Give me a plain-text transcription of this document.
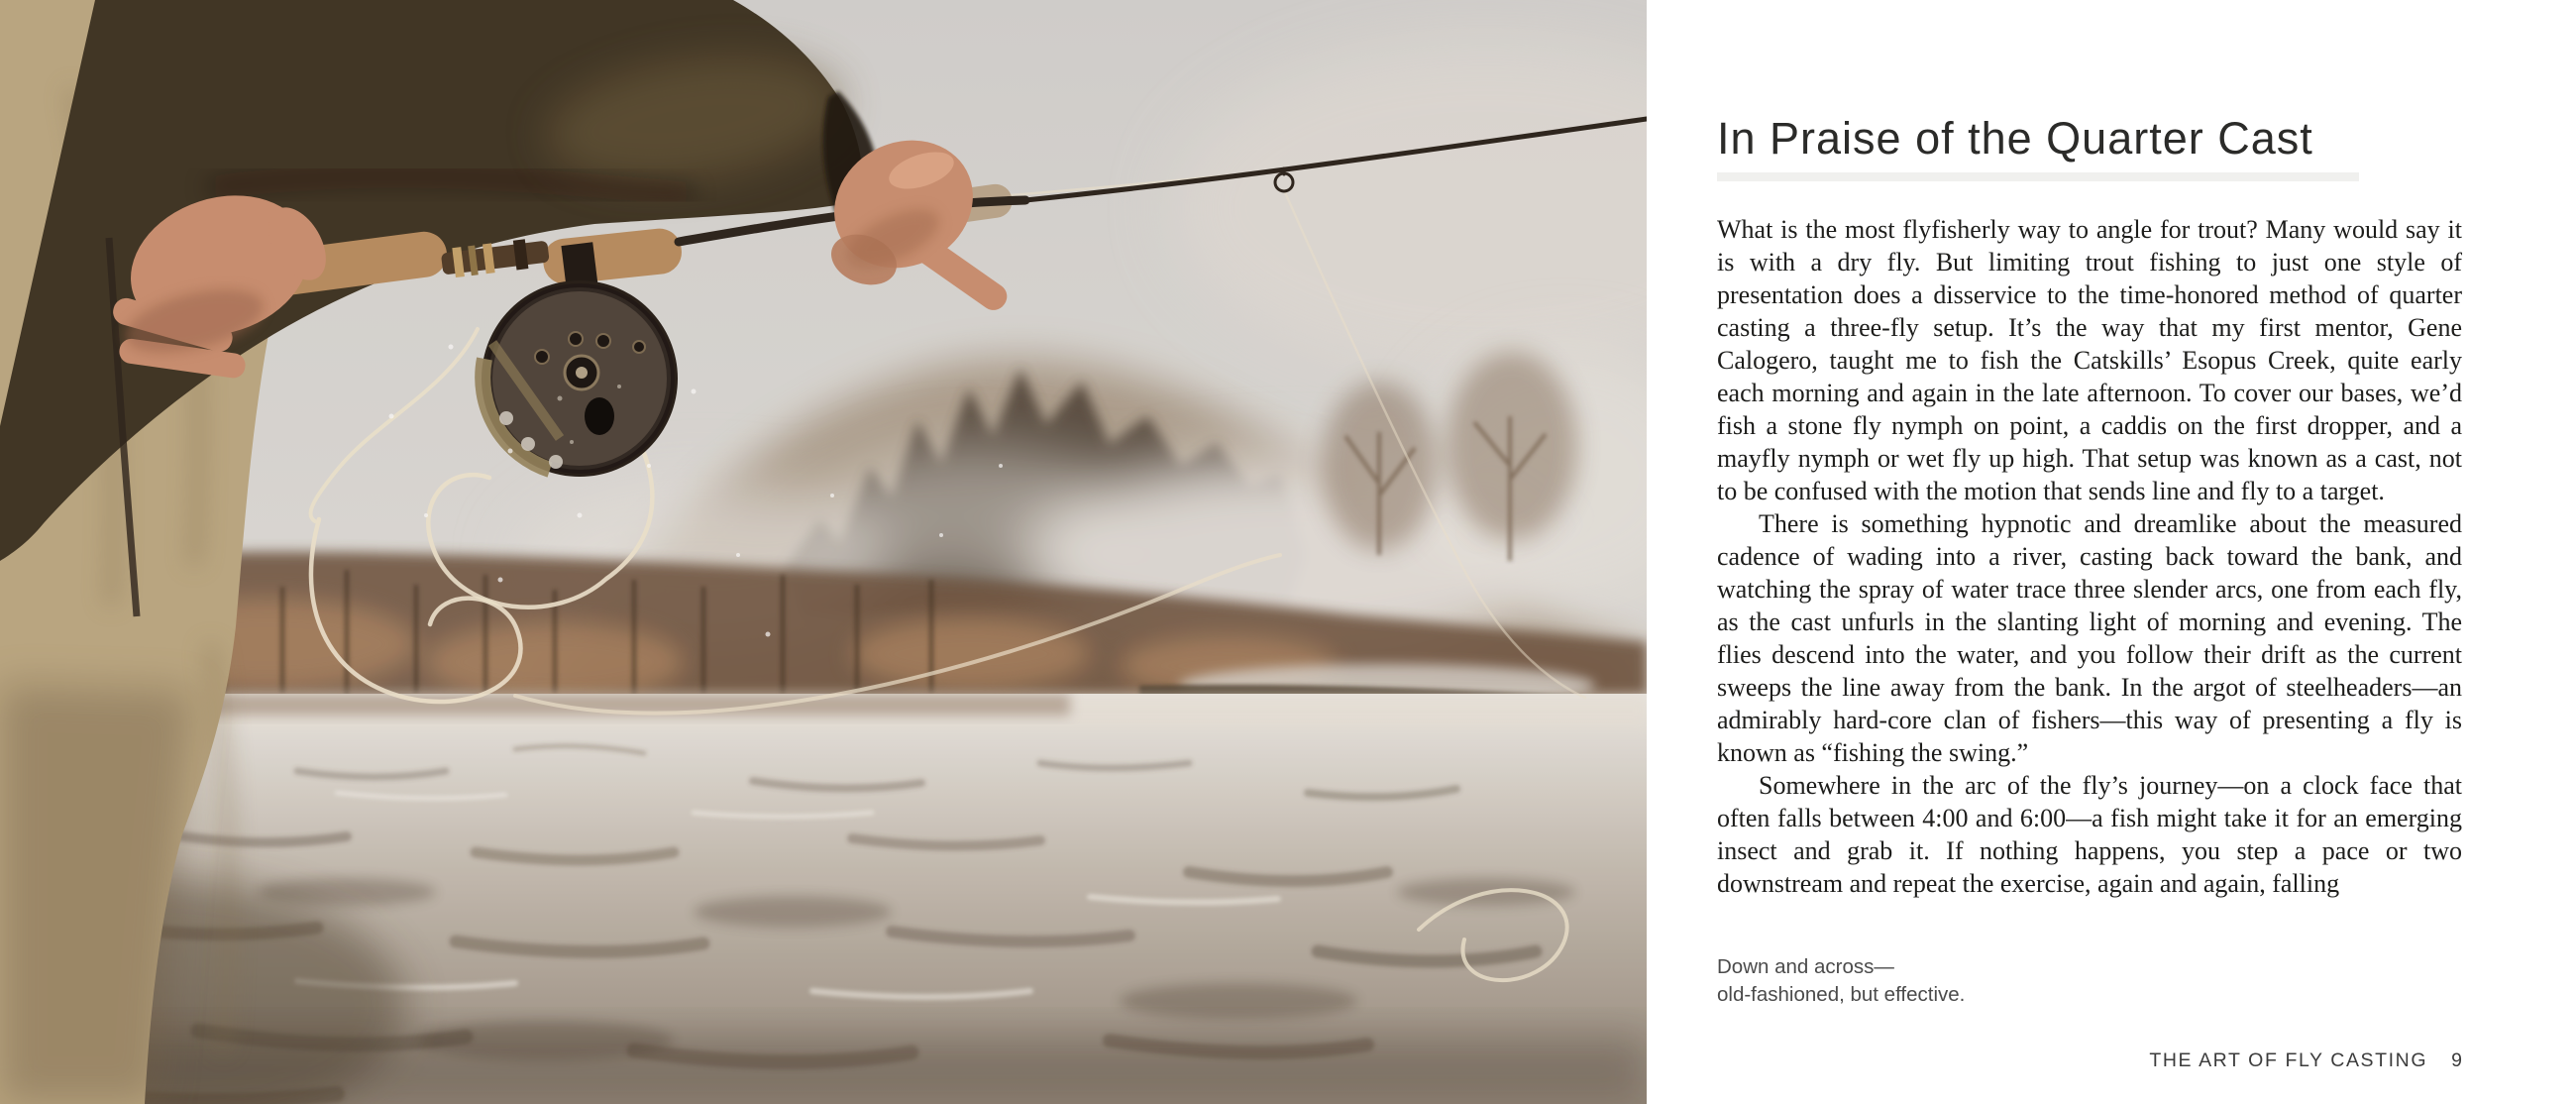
In Praise of the Quarter Cast

What is the most flyfisherly way to angle for trout? Many would say it is with a dry fly. But limiting trout fishing to just one style of presentation does a disservice to the time-honored method of quarter casting a three-fly setup. It’s the way that my first mentor, Gene Calogero, taught me to fish the Catskills’ Esopus Creek, quite early each morning and again in the late afternoon. To cover our bases, we’d fish a stone fly nymph on point, a caddis on the first dropper, and a mayfly nymph or wet fly up high. That setup was known as a cast, not to be confused with the motion that sends line and fly to a target.

There is something hypnotic and dreamlike about the measured cadence of wading into a river, casting back toward the bank, and watching the spray of water trace three slender arcs, one from each fly, as the cast unfurls in the slanting light of morning and evening. The flies descend into the water, and you follow their drift as the current sweeps the line away from the bank. In the argot of steelheaders—an admirably hard-core clan of fishers—this way of presenting a fly is known as “fishing the swing.”

Somewhere in the arc of the fly’s journey—on a clock face that often falls between 4:00 and 6:00—a fish might take it for an emerging insect and grab it. If nothing happens, you step a pace or two downstream and repeat the exercise, again and again, falling

Down and across—
old-fashioned, but effective.
THE ART OF FLY CASTING 9
